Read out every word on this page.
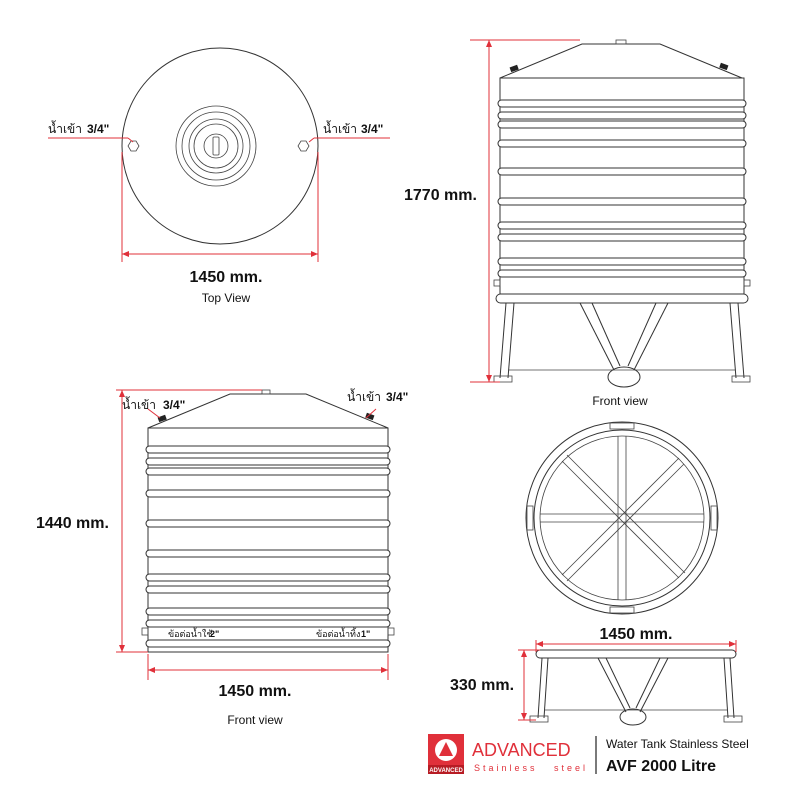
น้ำเข้า 3/4"	น้ำเข้า 3/4"
1450 mm.
Top View
1770 mm.
Front view
น้ำเข้า 3/4"
น้ำเข้า 3/4"
1440 mm.
ข้อต่อน้ำใช้
2"	ข้อต่อน้ำทิ้ง 1"
1450 mm.
Front view
1450 mm.
330 mm.
ADVANCED
ADVANCED
Stainless   steel
Water Tank Stainless Steel
AVF 2000 Litre
